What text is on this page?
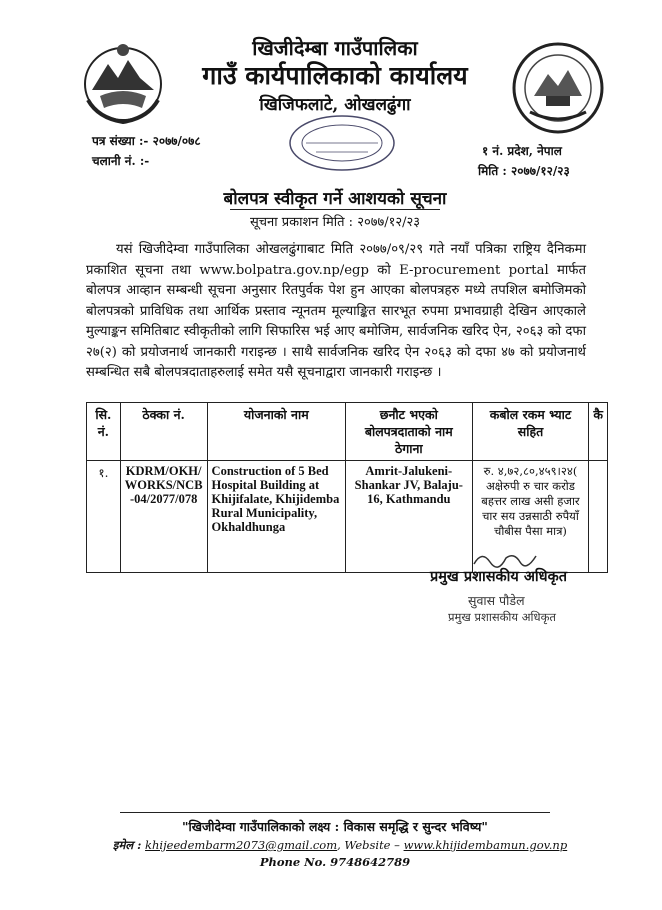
खिजीदेम्बा गाउँपालिका
गाउँ कार्यपालिकाको कार्यालय
खिजिफलाटे, ओखलढुंगा
पत्र संख्या :- २०७७/०७८
चलानी नं. :-
१ नं. प्रदेश, नेपाल
मिति : २०७७/१२/२३
बोलपत्र स्वीकृत गर्ने आशयको सूचना
सूचना प्रकाशन मिति : २०७७/१२/२३
यसं खिजीदेम्वा गाउँपालिका ओखलढुंगाबाट मिति २०७७/०९/२९ गते नयाँ पत्रिका राष्ट्रिय दैनिकमा प्रकाशित सूचना तथा www.bolpatra.gov.np/egp को E-procurement portal मार्फत बोलपत्र आव्हान सम्बन्धी सूचना अनुसार रितपुर्वक पेश हुन आएका बोलपत्रहरु मध्ये तपशिल बमोजिमको बोलपत्रको प्राविधिक तथा आर्थिक प्रस्ताव न्यूनतम मूल्याङ्कित सारभूत रुपमा प्रभावग्राही देखिन आएकाले मुल्याङ्कन समितिबाट स्वीकृतीको लागि सिफारिस भई आए बमोजिम, सार्वजनिक खरिद ऐन, २०६३ को दफा २७(२) को प्रयोजनार्थ जानकारी गराइन्छ । साथै सार्वजनिक खरिद ऐन २०६३ को दफा ४७ को प्रयोजनार्थ सम्बन्धित सबै बोलपत्रदाताहरुलाई समेत यसै सूचनाद्वारा जानकारी गराइन्छ ।
सि. नं.	ठेक्का नं.	योजनाको नाम	छनौट भएको बोलपत्रदाताको नाम ठेगाना	कबोल रकम भ्याट सहित	कै
१.	KDRM/OKH/ WORKS/NCB -04/2077/078	Construction of 5 Bed Hospital Building at Khijifalate, Khijidemba Rural Municipality, Okhaldhunga	Amrit-Jalukeni-Shankar JV, Balaju-16, Kathmandu	रु. ४,७२,८०,४५९।२४( अक्षेरुपी रु चार करोड बहत्तर लाख असी हजार चार सय उन्नसाठी रुपैयाँ चौबीस पैसा मात्र)	
प्रमुख प्रशासकीय अधिकृत
सुवास पौडेल
प्रमुख प्रशासकीय अधिकृत
"खिजीदेम्वा गाउँपालिकाको लक्ष्य : विकास समृद्धि र सुन्दर भविष्य"
इमेल : khijeedembarm2073@gmail.com, Website – www.khijidembamun.gov.np
Phone No. 9748642789
